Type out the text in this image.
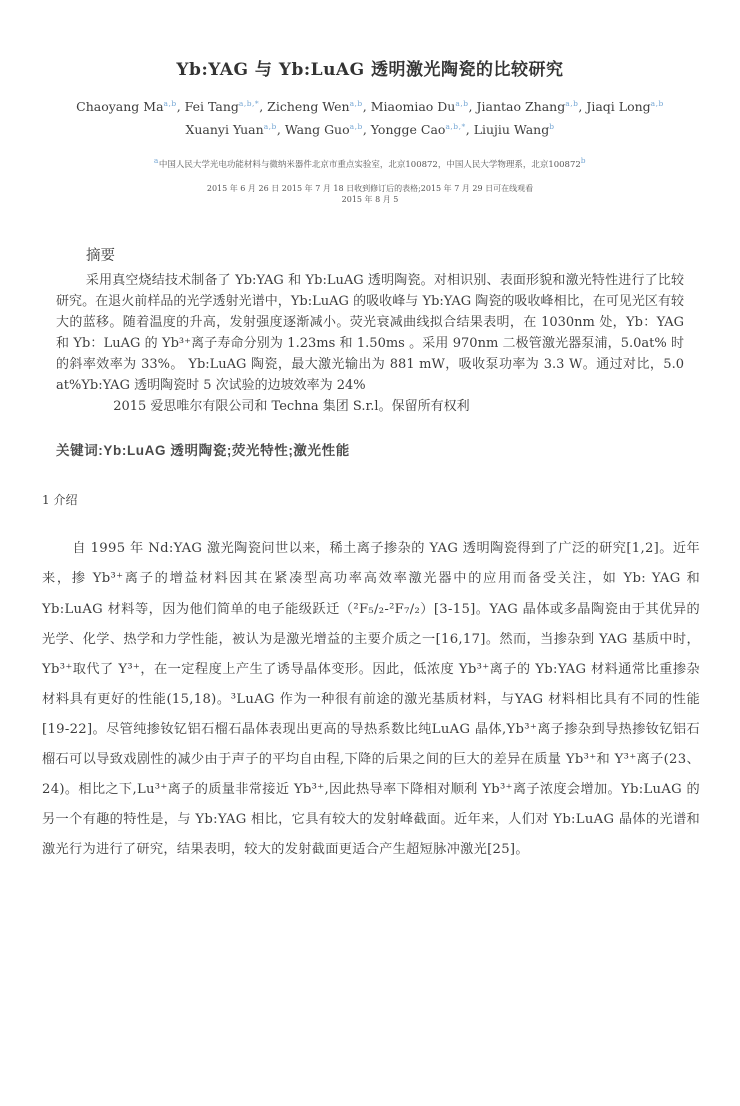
Yb:YAG 与 Yb:LuAG 透明激光陶瓷的比较研究
Chaoyang Ma$^{a,b}$, Fei Tang$^{a,b,*}$, Zicheng Wen$^{a,b}$, Miaomiao Du$^{a,b}$, Jiantao Zhang$^{a,b}$, Jiaqi Long$^{a,b}$
Xuanyi Yuan$^{a,b}$, Wang Guo$^{a,b}$, Yongge Cao$^{a,b,*}$, Liujiu Wang$^b$
$^a$中国人民大学光电功能材料与微纳米器件北京市重点实验室，北京100872，中国人民大学物理系，北京100872$^b$
2015 年 6 月 26 日 2015 年 7 月 18 日收到修订后的表格;2015 年 7 月 29 日可在线观看
2015 年 8 月 5
摘要

采用真空烧结技术制备了 Yb:YAG 和 Yb:LuAG 透明陶瓷。对相识别、表面形貌和激光特性进行了比较研究。在退火前样品的光学透射光谱中，Yb:LuAG 的吸收峰与 Yb:YAG 陶瓷的吸收峰相比，在可见光区有较大的蓝移。随着温度的升高，发射强度逐渐减小。荧光衰减曲线拟合结果表明，在 1030nm 处，Yb：YAG 和 Yb：LuAG 的 Yb³⁺离子寿命分别为 1.23ms 和 1.50ms 。采用 970nm 二极管激光器泵浦，5.0at% 时的斜率效率为 33%。 Yb:LuAG 陶瓷，最大激光输出为 881 mW，吸收泵功率为 3.3 W。通过对比，5.0 at%Yb:YAG 透明陶瓷时 5 次试验的边坡效率为 24%

2015 爱思唯尔有限公司和 Techna 集团 S.r.l。保留所有权利

关键词:Yb:LuAG 透明陶瓷;荧光特性;激光性能

1 介绍

自 1995 年 Nd:YAG 激光陶瓷问世以来，稀土离子掺杂的 YAG 透明陶瓷得到了广泛的研究[1,2]。近年来，掺 Yb³⁺离子的增益材料因其在紧凑型高功率高效率激光器中的应用而备受关注，如 Yb: YAG 和 Yb:LuAG 材料等，因为他们简单的电子能级跃迁（²F₅/₂-²F₇/₂）[3-15]。YAG 晶体或多晶陶瓷由于其优异的光学、化学、热学和力学性能，被认为是激光增益的主要介质之一[16,17]。然而，当掺杂到 YAG 基质中时，Yb³⁺取代了 Y³⁺，在一定程度上产生了诱导晶体变形。因此，低浓度 Yb³⁺离子的 Yb:YAG 材料通常比重掺杂材料具有更好的性能(15,18)。³LuAG 作为一种很有前途的激光基质材料，与YAG 材料相比具有不同的性能[19-22]。尽管纯掺钕钇铝石榴石晶体表现出更高的导热系数比纯LuAG 晶体,Yb³⁺离子掺杂到导热掺钕钇铝石榴石可以导致戏剧性的减少由于声子的平均自由程,下降的后果之间的巨大的差异在质量 Yb³⁺和 Y³⁺离子(23、24)。相比之下,Lu³⁺离子的质量非常接近 Yb³⁺,因此热导率下降相对顺利 Yb³⁺离子浓度会增加。Yb:LuAG 的另一个有趣的特性是，与 Yb:YAG 相比，它具有较大的发射峰截面。近年来，人们对 Yb:LuAG 晶体的光谱和激光行为进行了研究，结果表明，较大的发射截面更适合产生超短脉冲激光[25]。
